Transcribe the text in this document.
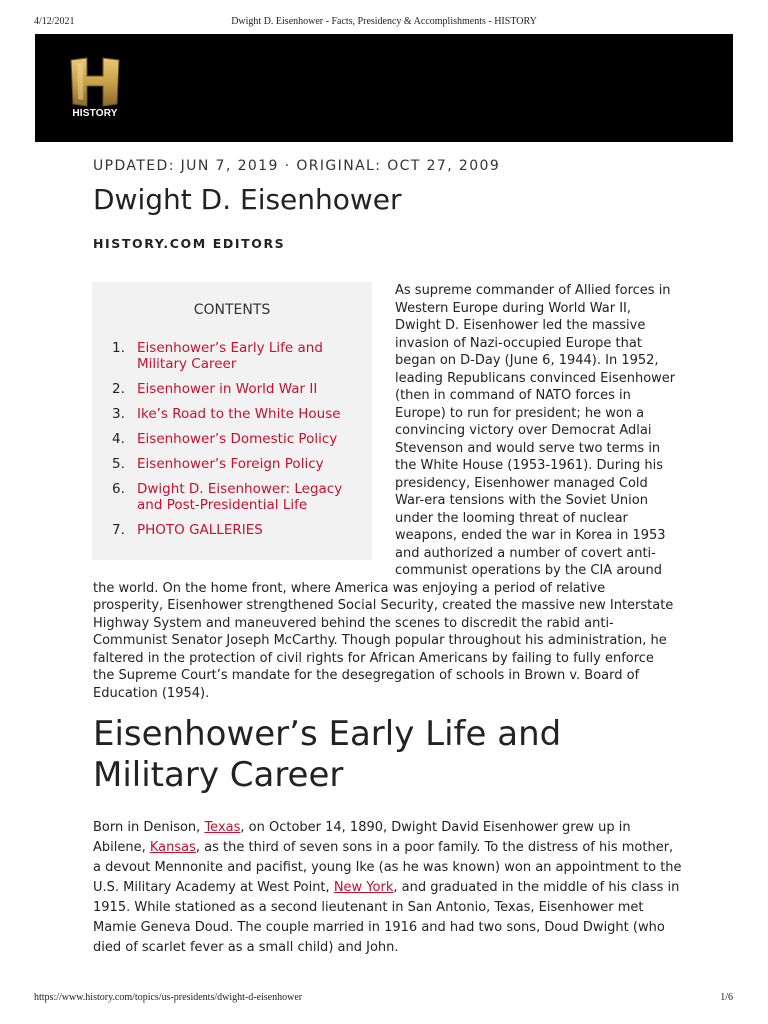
4/12/2021	Dwight D. Eisenhower - Facts, Presidency & Accomplishments - HISTORY
HISTORY
UPDATED: JUN 7, 2019 · ORIGINAL: OCT 27, 2009
Dwight D. Eisenhower
HISTORY.COM EDITORS

As supreme commander of Allied forces in Western Europe during World War II, Dwight D. Eisenhower led the massive invasion of Nazi-occupied Europe that began on D-Day (June 6, 1944). In 1952, leading Republicans convinced Eisenhower (then in command of NATO forces in Europe) to run for president; he won a convincing victory over Democrat Adlai Stevenson and would serve two terms in the White House (1953-1961). During his presidency, Eisenhower managed Cold War-era tensions with the Soviet Union under the looming threat of nuclear weapons, ended the war in Korea in 1953 and authorized a number of covert anti-communist operations by the CIA around the world. On the home front, where America was enjoying a period of relative prosperity, Eisenhower strengthened Social Security, created the massive new Interstate Highway System and maneuvered behind the scenes to discredit the rabid anti-Communist Senator Joseph McCarthy. Though popular throughout his administration, he faltered in the protection of civil rights for African Americans by failing to fully enforce the Supreme Court’s mandate for the desegregation of schools in Brown v. Board of Education (1954).

CONTENTS
1. Eisenhower’s Early Life and Military Career
2. Eisenhower in World War II
3. Ike’s Road to the White House
4. Eisenhower’s Domestic Policy
5. Eisenhower’s Foreign Policy
6. Dwight D. Eisenhower: Legacy and Post-Presidential Life
7. PHOTO GALLERIES
Eisenhower’s Early Life and Military Career

Born in Denison, Texas, on October 14, 1890, Dwight David Eisenhower grew up in Abilene, Kansas, as the third of seven sons in a poor family. To the distress of his mother, a devout Mennonite and pacifist, young Ike (as he was known) won an appointment to the U.S. Military Academy at West Point, New York, and graduated in the middle of his class in 1915. While stationed as a second lieutenant in San Antonio, Texas, Eisenhower met Mamie Geneva Doud. The couple married in 1916 and had two sons, Doud Dwight (who died of scarlet fever as a small child) and John.

https://www.history.com/topics/us-presidents/dwight-d-eisenhower	1/6
